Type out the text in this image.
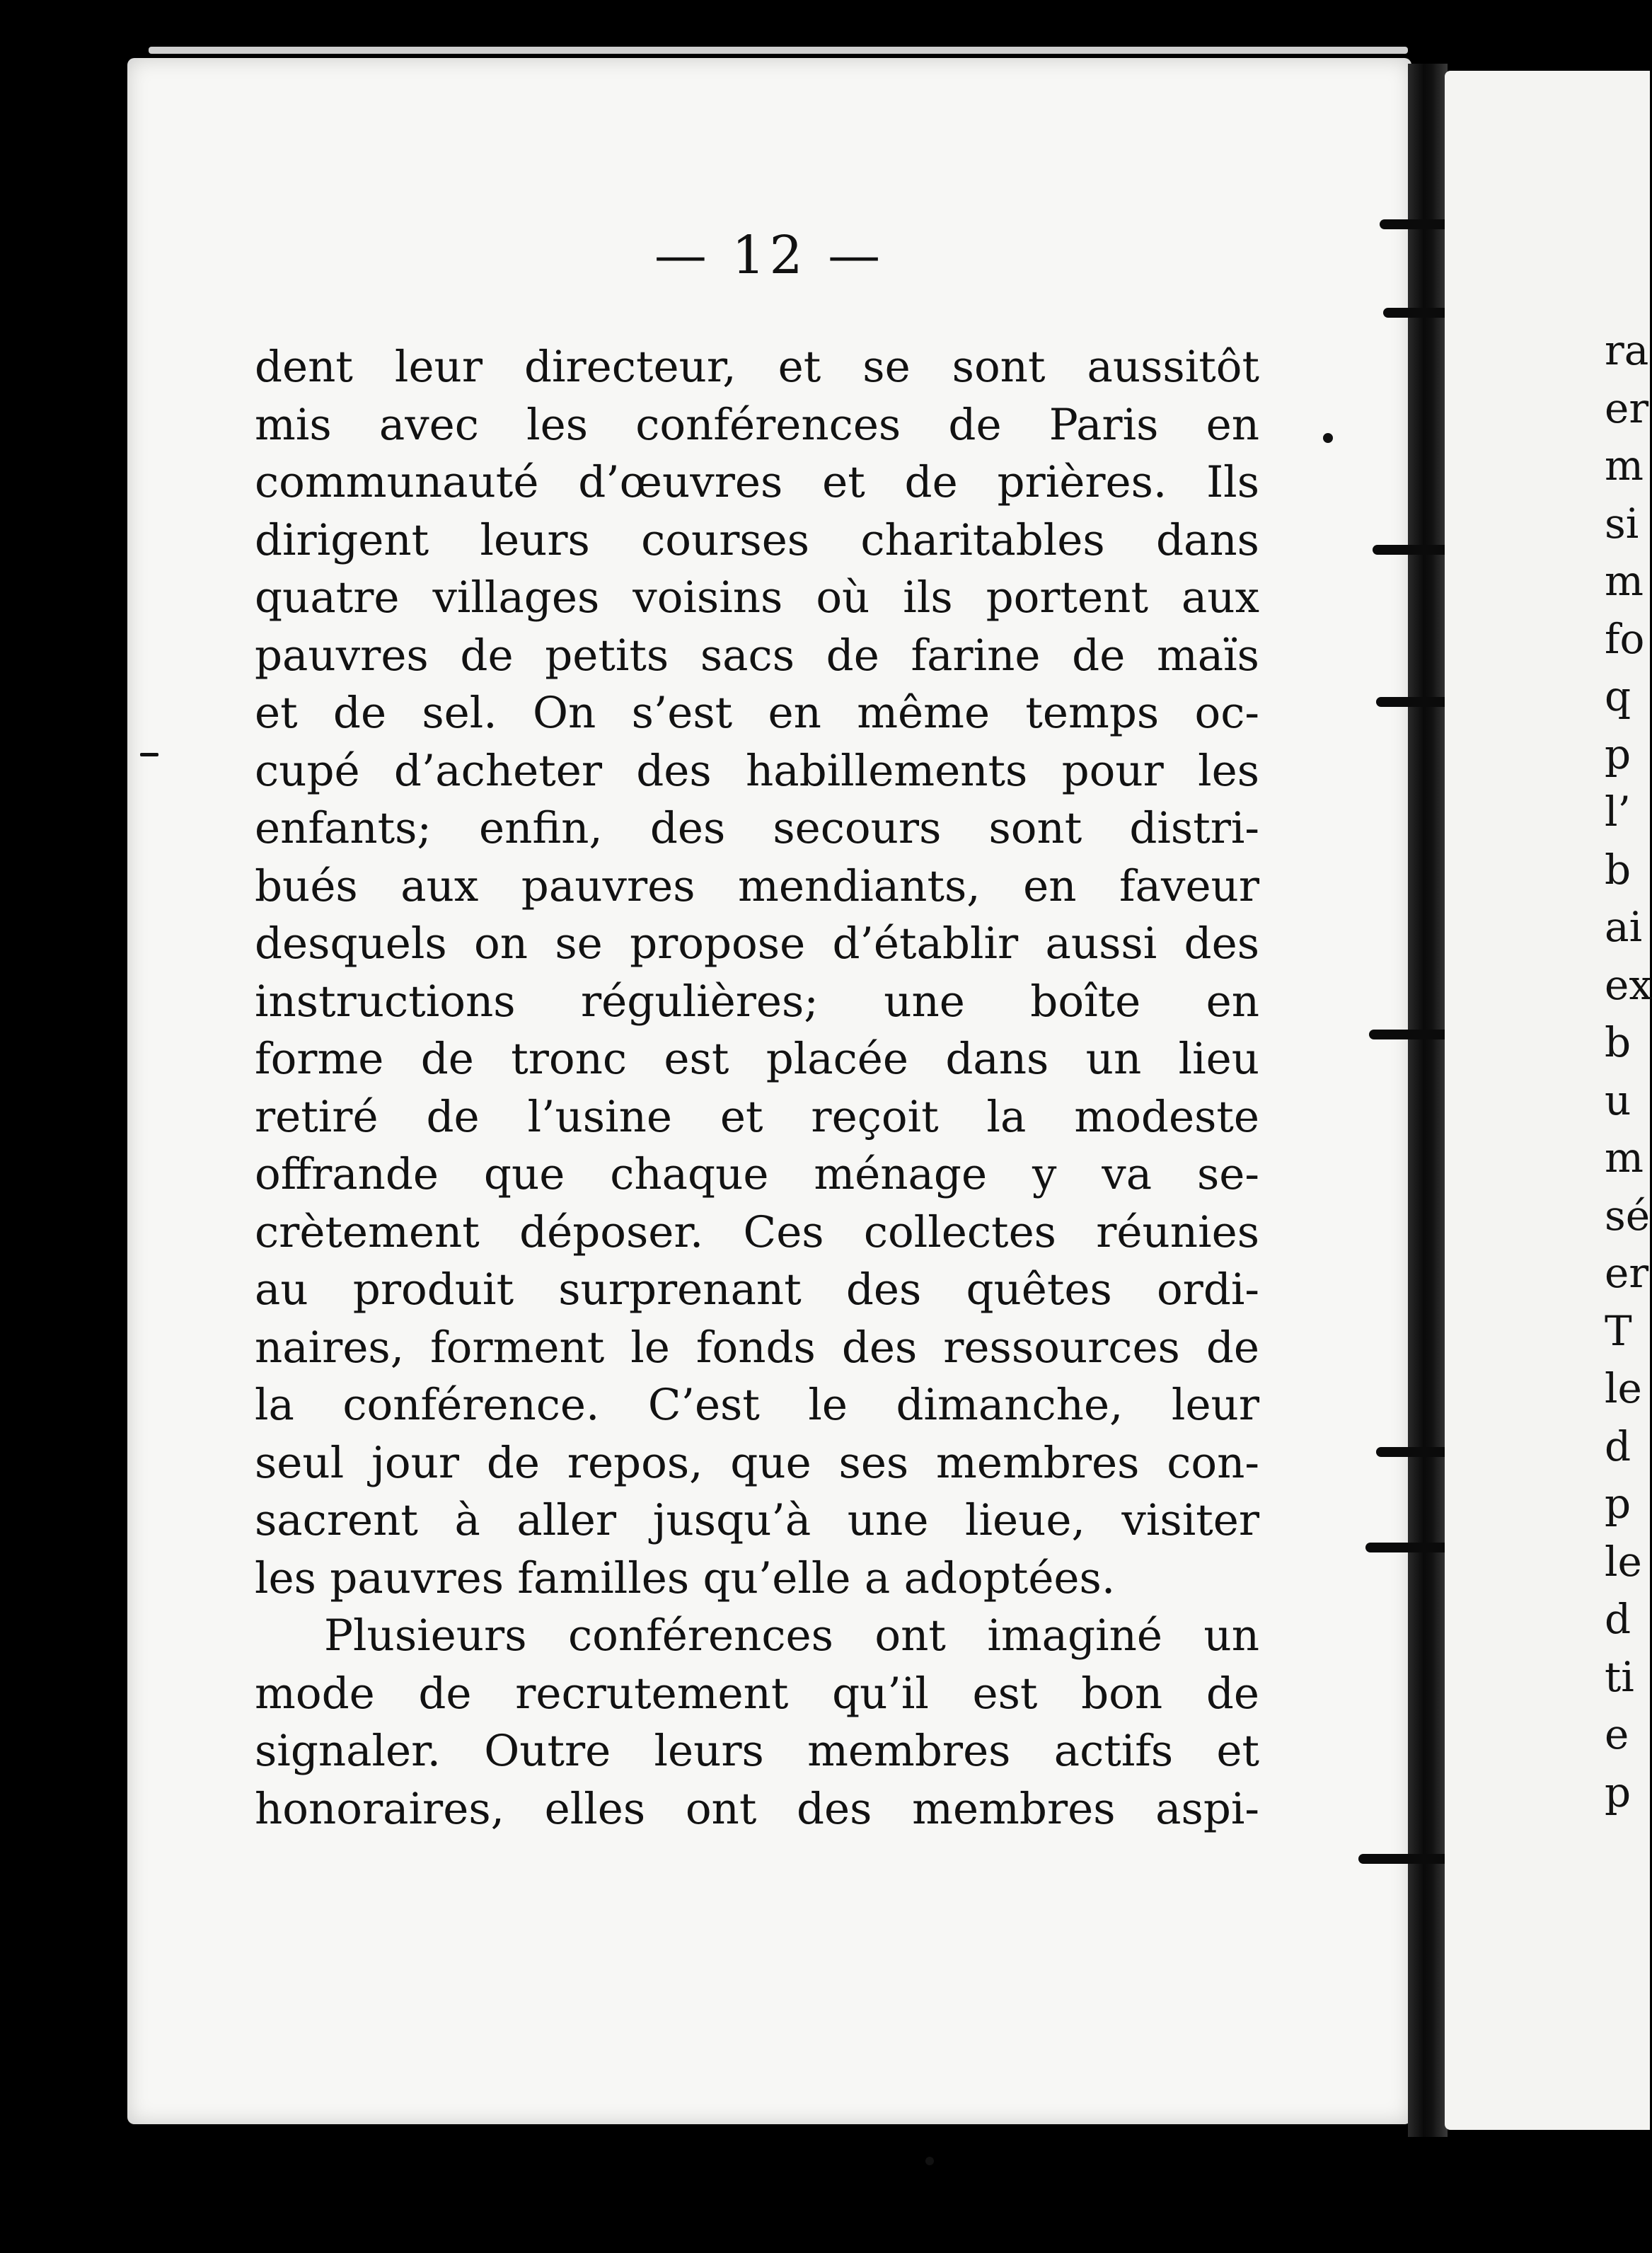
— 12 —
dent leur directeur, et se sont aussitôt
mis avec les conférences de Paris en
communauté d’œuvres et de prières. Ils
dirigent leurs courses charitables dans
quatre villages voisins où ils portent aux
pauvres de petits sacs de farine de maïs
et de sel. On s’est en même temps oc-
cupé d’acheter des habillements pour les
enfants; enfin, des secours sont distri-
bués aux pauvres mendiants, en faveur
desquels on se propose d’établir aussi des
instructions régulières; une boîte en
forme de tronc est placée dans un lieu
retiré de l’usine et reçoit la modeste
offrande que chaque ménage y va se-
crètement déposer. Ces collectes réunies
au produit surprenant des quêtes ordi-
naires, forment le fonds des ressources de
la conférence. C’est le dimanche, leur
seul jour de repos, que ses membres con-
sacrent à aller jusqu’à une lieue, visiter
les pauvres familles qu’elle a adoptées.
Plusieurs conférences ont imaginé un
mode de recrutement qu’il est bon de
signaler. Outre leurs membres actifs et
honoraires, elles ont des membres aspi-
ra
er
m
si
m
fo
q
p
l’
b
ai
ex
b
u
m
sé
er
T
le
d
p
le
d
ti
e
p
